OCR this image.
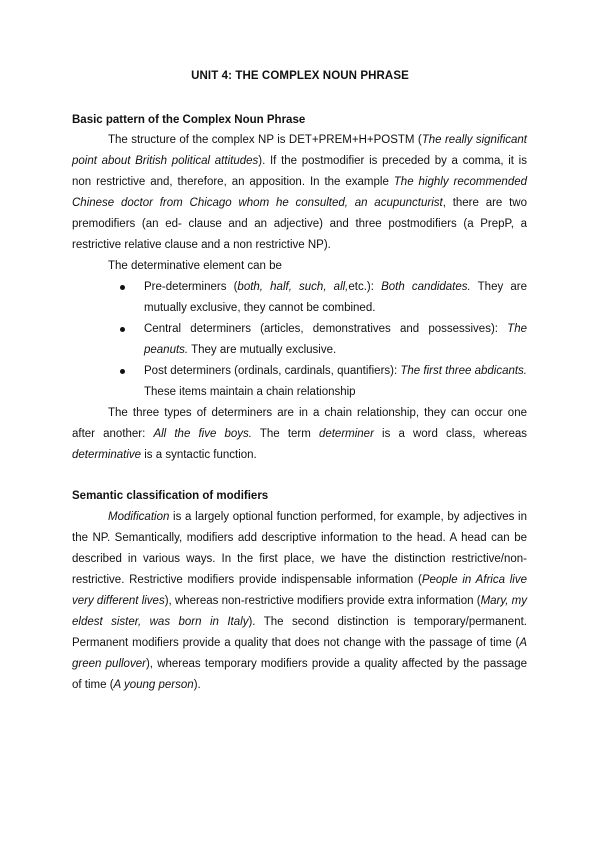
UNIT 4: THE COMPLEX NOUN PHRASE
Basic pattern of the Complex Noun Phrase

The structure of the complex NP is DET+PREM+H+POSTM (The really significant point about British political attitudes). If the postmodifier is preceded by a comma, it is non restrictive and, therefore, an apposition. In the example The highly recommended Chinese doctor from Chicago whom he consulted, an acupuncturist, there are two premodifiers (an ed- clause and an adjective) and three postmodifiers (a PrepP, a restrictive relative clause and a non restrictive NP).

The determinative element can be
Pre-determiners (both, half, such, all,etc.): Both candidates. They are mutually exclusive, they cannot be combined.
Central determiners (articles, demonstratives and possessives): The peanuts. They are mutually exclusive.
Post determiners (ordinals, cardinals, quantifiers): The first three abdicants. These items maintain a chain relationship

The three types of determiners are in a chain relationship, they can occur one after another: All the five boys. The term determiner is a word class, whereas determinative is a syntactic function.

Semantic classification of modifiers

Modification is a largely optional function performed, for example, by adjectives in the NP. Semantically, modifiers add descriptive information to the head. A head can be described in various ways. In the first place, we have the distinction restrictive/non-restrictive. Restrictive modifiers provide indispensable information (People in Africa live very different lives), whereas non-restrictive modifiers provide extra information (Mary, my eldest sister, was born in Italy). The second distinction is temporary/permanent. Permanent modifiers provide a quality that does not change with the passage of time (A green pullover), whereas temporary modifiers provide a quality affected by the passage of time (A young person).
